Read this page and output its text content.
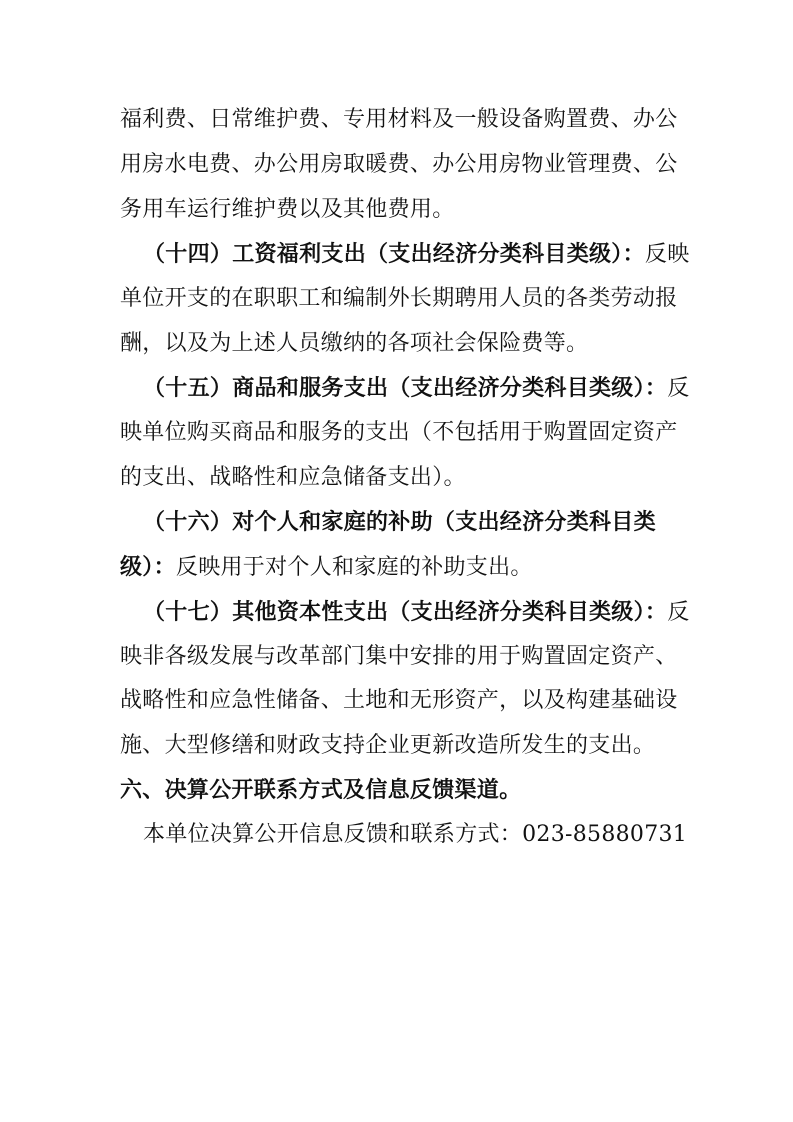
福利费、日常维护费、专用材料及一般设备购置费、办公
用房水电费、办公用房取暖费、办公用房物业管理费、公
务用车运行维护费以及其他费用。
（十四）工资福利支出（支出经济分类科目类级）：反映
单位开支的在职职工和编制外长期聘用人员的各类劳动报
酬，以及为上述人员缴纳的各项社会保险费等。
（十五）商品和服务支出（支出经济分类科目类级）：反
映单位购买商品和服务的支出（不包括用于购置固定资产
的支出、战略性和应急储备支出）。
（十六）对个人和家庭的补助（支出经济分类科目类
级）：反映用于对个人和家庭的补助支出。
（十七）其他资本性支出（支出经济分类科目类级）：反
映非各级发展与改革部门集中安排的用于购置固定资产、
战略性和应急性储备、土地和无形资产，以及构建基础设
施、大型修缮和财政支持企业更新改造所发生的支出。
六、决算公开联系方式及信息反馈渠道。
本单位决算公开信息反馈和联系方式：023-85880731
